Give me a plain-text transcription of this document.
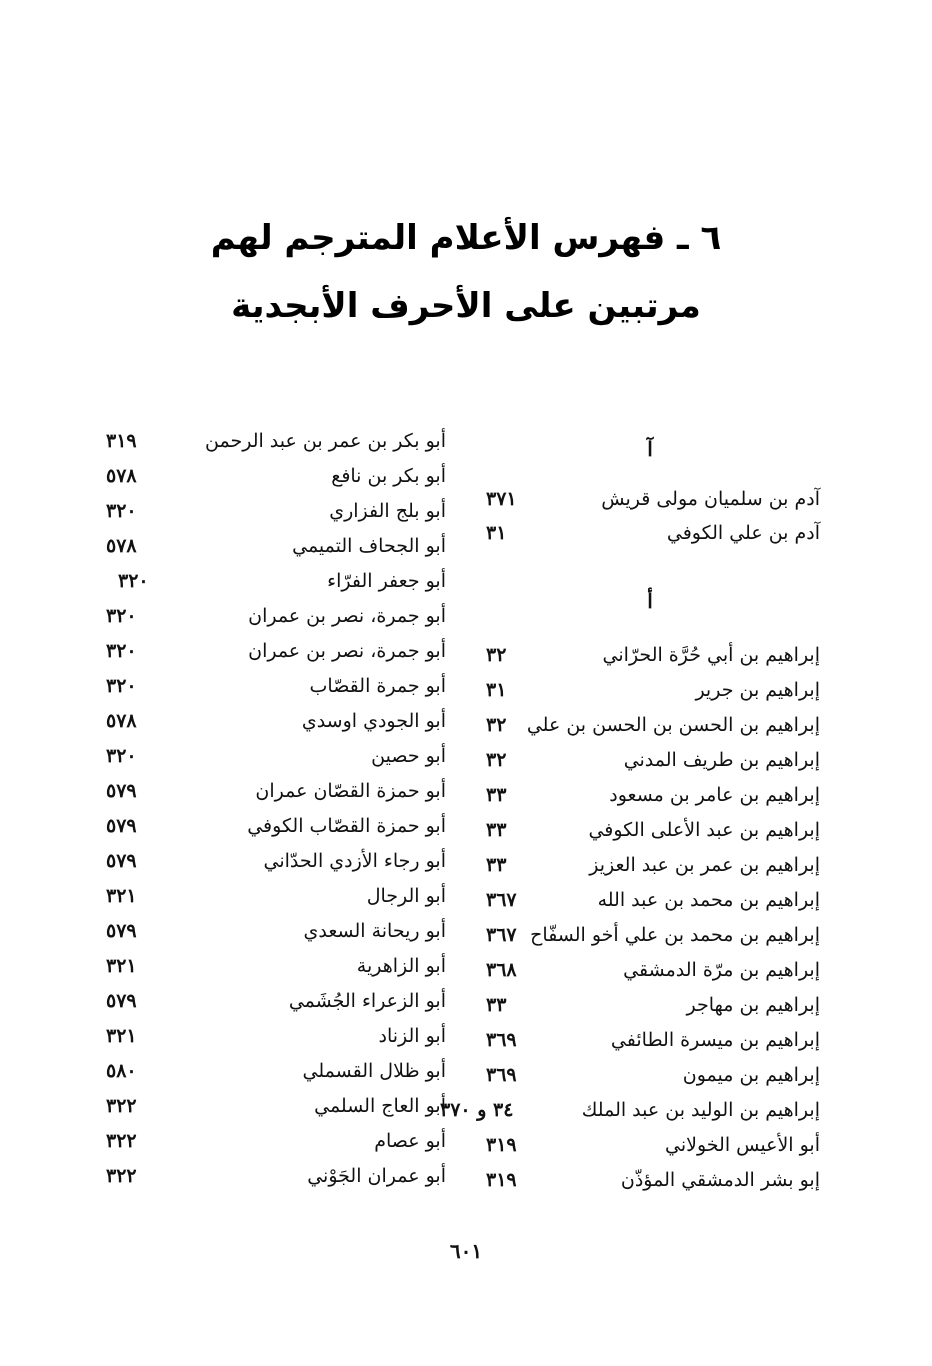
٦ ـ فهرس الأعلام المترجم لهم
مرتبين على الأحرف الأبجدية
آ
آدم بن سلميان مولى قريش
٣٧١
آدم بن علي الكوفي
٣١
أ
إبراهيم بن أبي حُرَّة الحرّاني
٣٢
إبراهيم بن جرير
٣١
إبراهيم بن الحسن بن الحسن بن علي
٣٢
إبراهيم بن طريف المدني
٣٢
إبراهيم بن عامر بن مسعود
٣٣
إبراهيم بن عبد الأعلى الكوفي
٣٣
إبراهيم بن عمر بن عبد العزيز
٣٣
إبراهيم بن محمد بن عبد الله
٣٦٧
إبراهيم بن محمد بن علي أخو السفّاح
٣٦٧
إبراهيم بن مرّة الدمشقي
٣٦٨
إبراهيم بن مهاجر
٣٣
إبراهيم بن ميسرة الطائفي
٣٦٩
إبراهيم بن ميمون
٣٦٩
إبراهيم بن الوليد بن عبد الملك
٣٤ و ٣٧٠
أبو الأعيس الخولاني
٣١٩
إبو بشر الدمشقي المؤذّن
٣١٩
أبو بكر بن عمر بن عبد الرحمن
٣١٩
أبو بكر بن نافع
٥٧٨
أبو بلج الفزاري
٣٢٠
أبو الجحاف التميمي
٥٧٨
أبو جعفر الفرّاء
٣٢٠
أبو جمرة، نصر بن عمران
٣٢٠
أبو جمرة، نصر بن عمران
٣٢٠
أبو جمرة القصّاب
٣٢٠
أبو الجودي اوسدي
٥٧٨
أبو حصين
٣٢٠
أبو حمزة القصّان عمران
٥٧٩
أبو حمزة القصّاب الكوفي
٥٧٩
أبو رجاء الأزدي الحدّاني
٥٧٩
أبو الرجال
٣٢١
أبو ريحانة السعدي
٥٧٩
أبو الزاهرية
٣٢١
أبو الزعراء الجُشَمي
٥٧٩
أبو الزناد
٣٢١
أبو ظلال القسملي
٥٨٠
أبو العاج السلمي
٣٢٢
أبو عصام
٣٢٢
أبو عمران الجَوْني
٣٢٢
٦٠١
